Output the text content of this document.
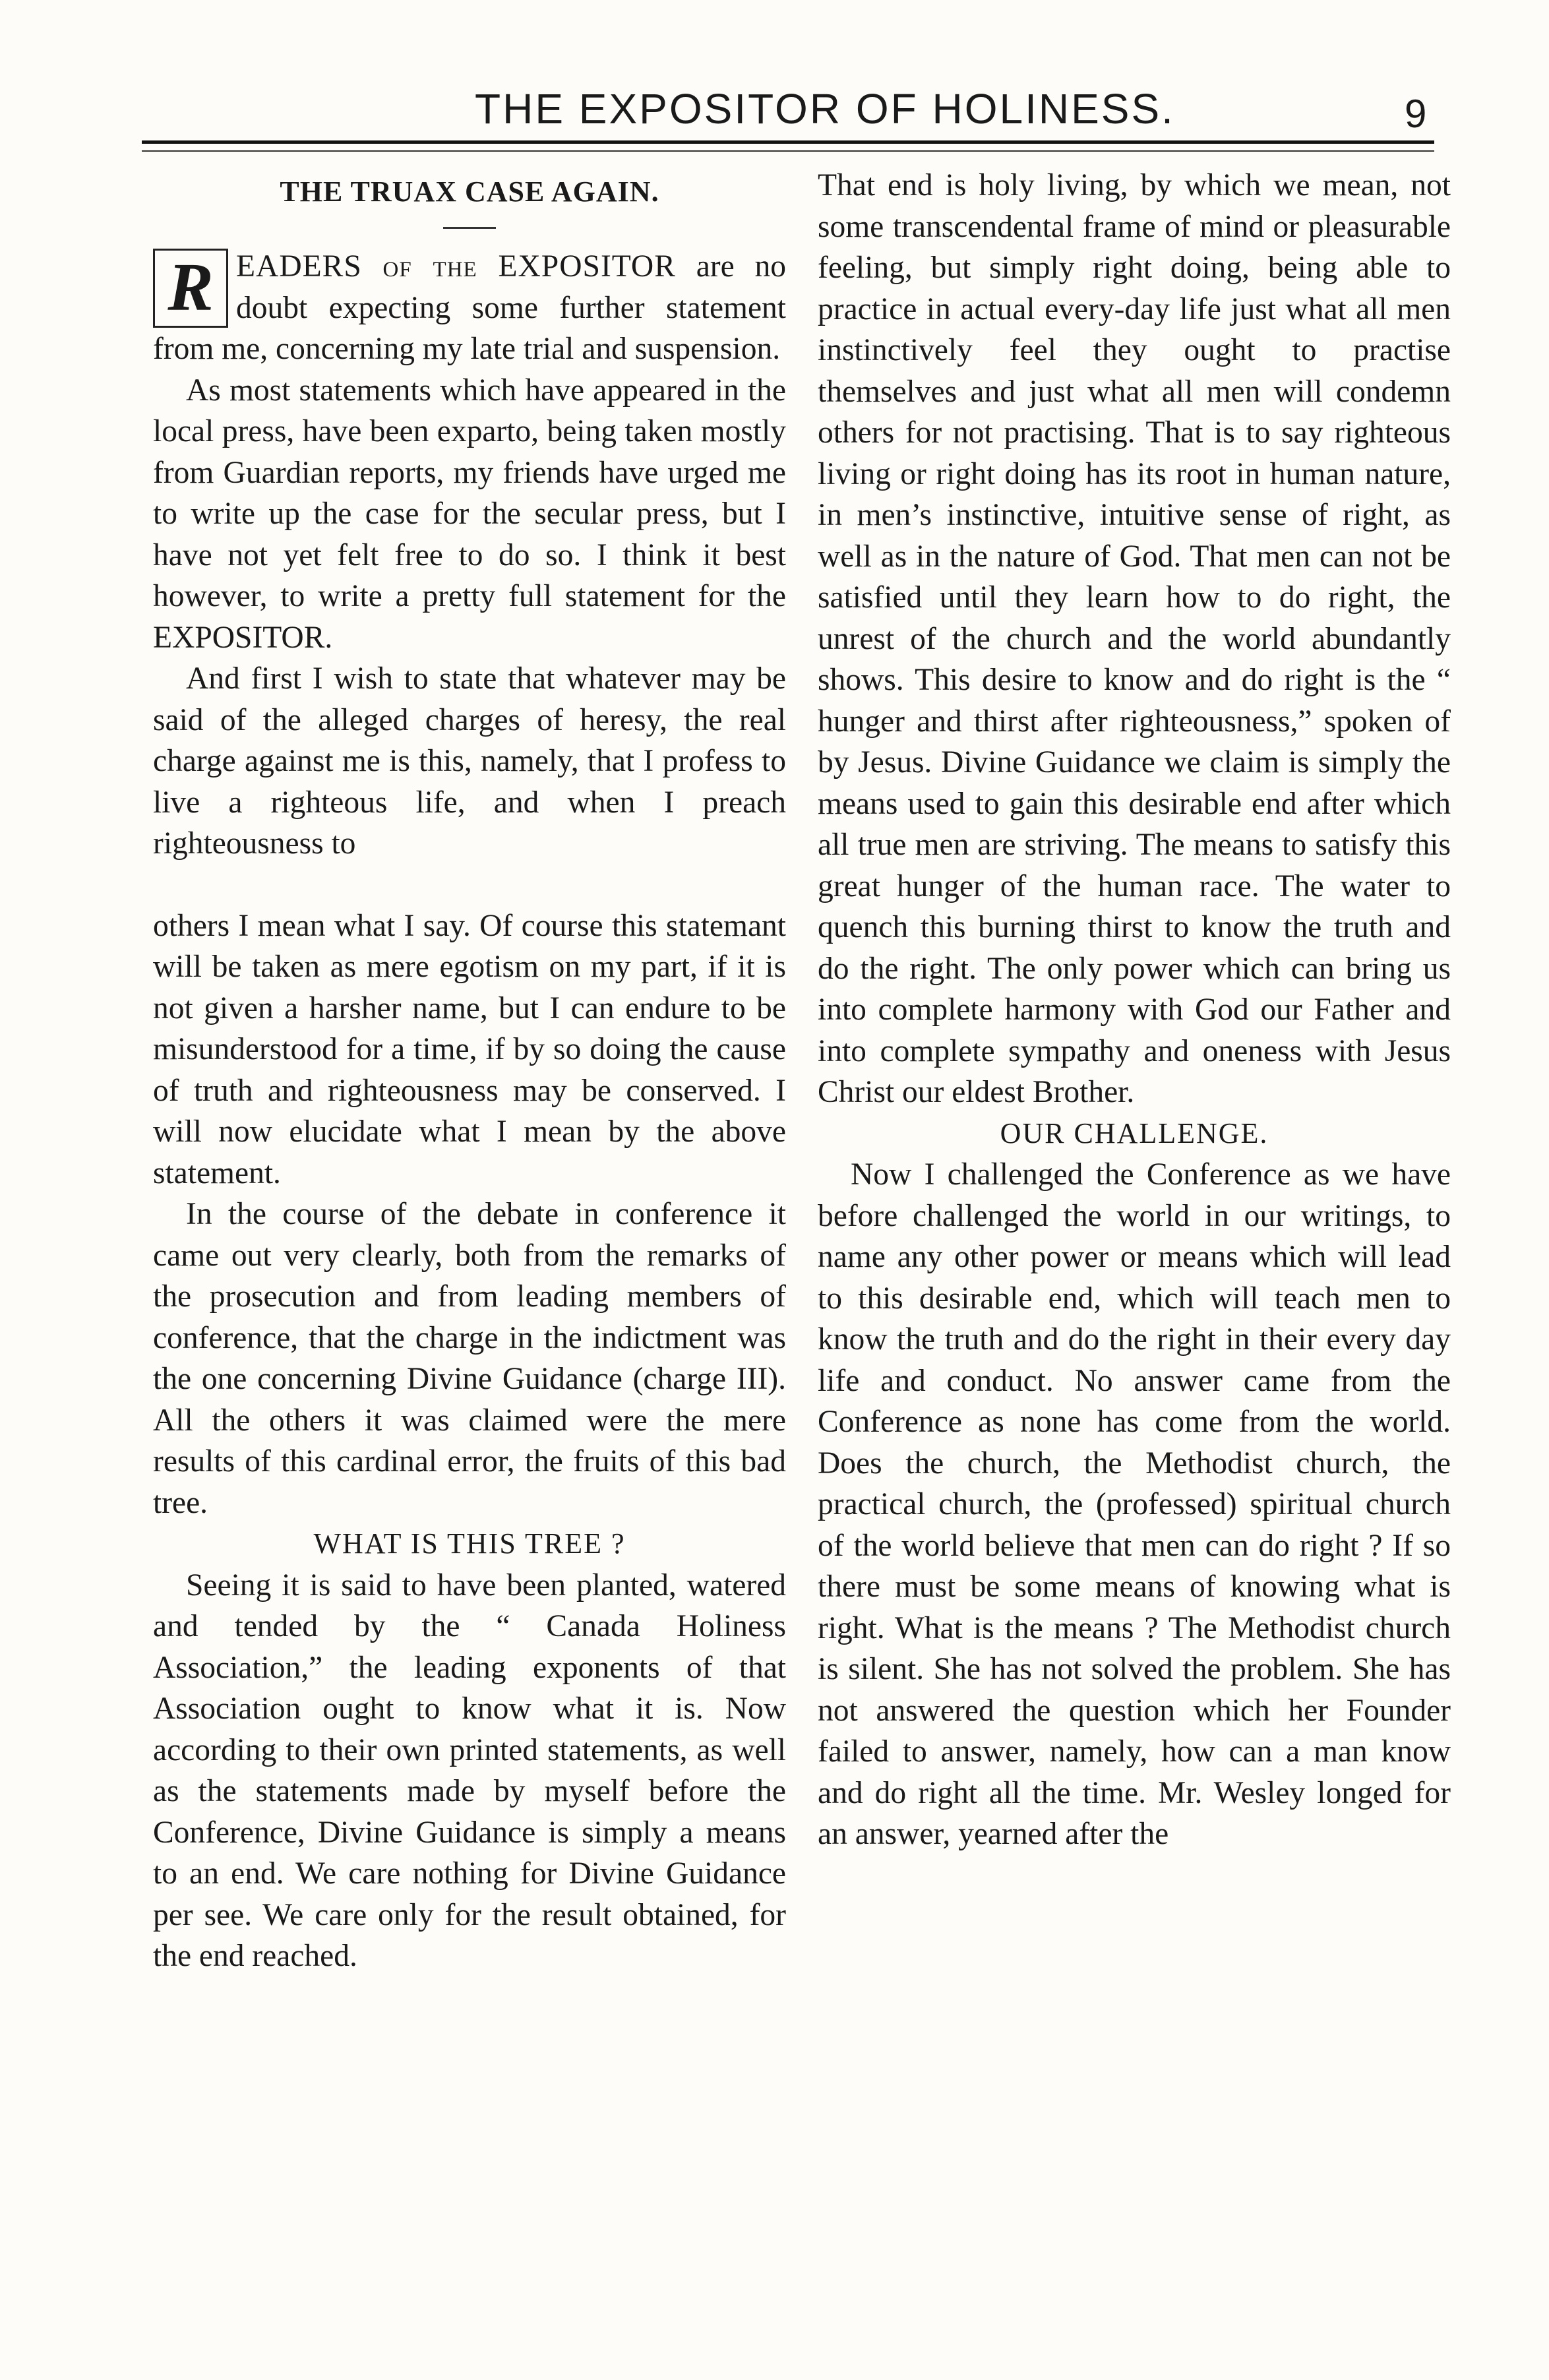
THE EXPOSITOR OF HOLINESS.	9
THE TRUAX CASE AGAIN.

R EADERS of the EXPOSITOR are no doubt expecting some further statement from me, concerning my late trial and suspension.

As most statements which have appeared in the local press, have been exparto, being taken mostly from Guardian reports, my friends have urged me to write up the case for the secular press, but I have not yet felt free to do so. I think it best however, to write a pretty full statement for the EXPOSITOR.

And first I wish to state that whatever may be said of the alleged charges of heresy, the real charge against me is this, namely, that I profess to live a righteous life, and when I preach righteousness to

others I mean what I say. Of course this statemant will be taken as mere egotism on my part, if it is not given a harsher name, but I can endure to be misunderstood for a time, if by so doing the cause of truth and righteousness may be conserved. I will now elucidate what I mean by the above statement.

In the course of the debate in conference it came out very clearly, both from the remarks of the prosecution and from leading members of conference, that the charge in the indictment was the one concerning Divine Guidance (charge III). All the others it was claimed were the mere results of this cardinal error, the fruits of this bad tree.

WHAT IS THIS TREE ?

Seeing it is said to have been planted, watered and tended by the “ Canada Holiness Association,” the leading exponents of that Association ought to know what it is. Now according to their own printed statements, as well as the statements made by myself before the Conference, Divine Guidance is simply a means to an end. We care nothing for Divine Guidance per see. We care only for the result obtained, for the end reached.

That end is holy living, by which we mean, not some transcendental frame of mind or pleasurable feeling, but simply right doing, being able to practice in actual every-day life just what all men instinctively feel they ought to practise themselves and just what all men will condemn others for not practising. That is to say righteous living or right doing has its root in human nature, in men’s instinctive, intuitive sense of right, as well as in the nature of God. That men can not be satisfied until they learn how to do right, the unrest of the church and the world abundantly shows. This desire to know and do right is the “ hunger and thirst after righteousness,” spoken of by Jesus. Divine Guidance we claim is simply the means used to gain this desirable end after which all true men are striving. The means to satisfy this great hunger of the human race. The water to quench this burning thirst to know the truth and do the right. The only power which can bring us into complete harmony with God our Father and into complete sympathy and oneness with Jesus Christ our eldest Brother.

OUR CHALLENGE.

Now I challenged the Conference as we have before challenged the world in our writings, to name any other power or means which will lead to this desirable end, which will teach men to know the truth and do the right in their every day life and conduct. No answer came from the Conference as none has come from the world. Does the church, the Methodist church, the practical church, the (professed) spiritual church of the world believe that men can do right ? If so there must be some means of knowing what is right. What is the means ? The Methodist church is silent. She has not solved the problem. She has not answered the question which her Founder failed to answer, namely, how can a man know and do right all the time. Mr. Wesley longed for an answer, yearned after the
